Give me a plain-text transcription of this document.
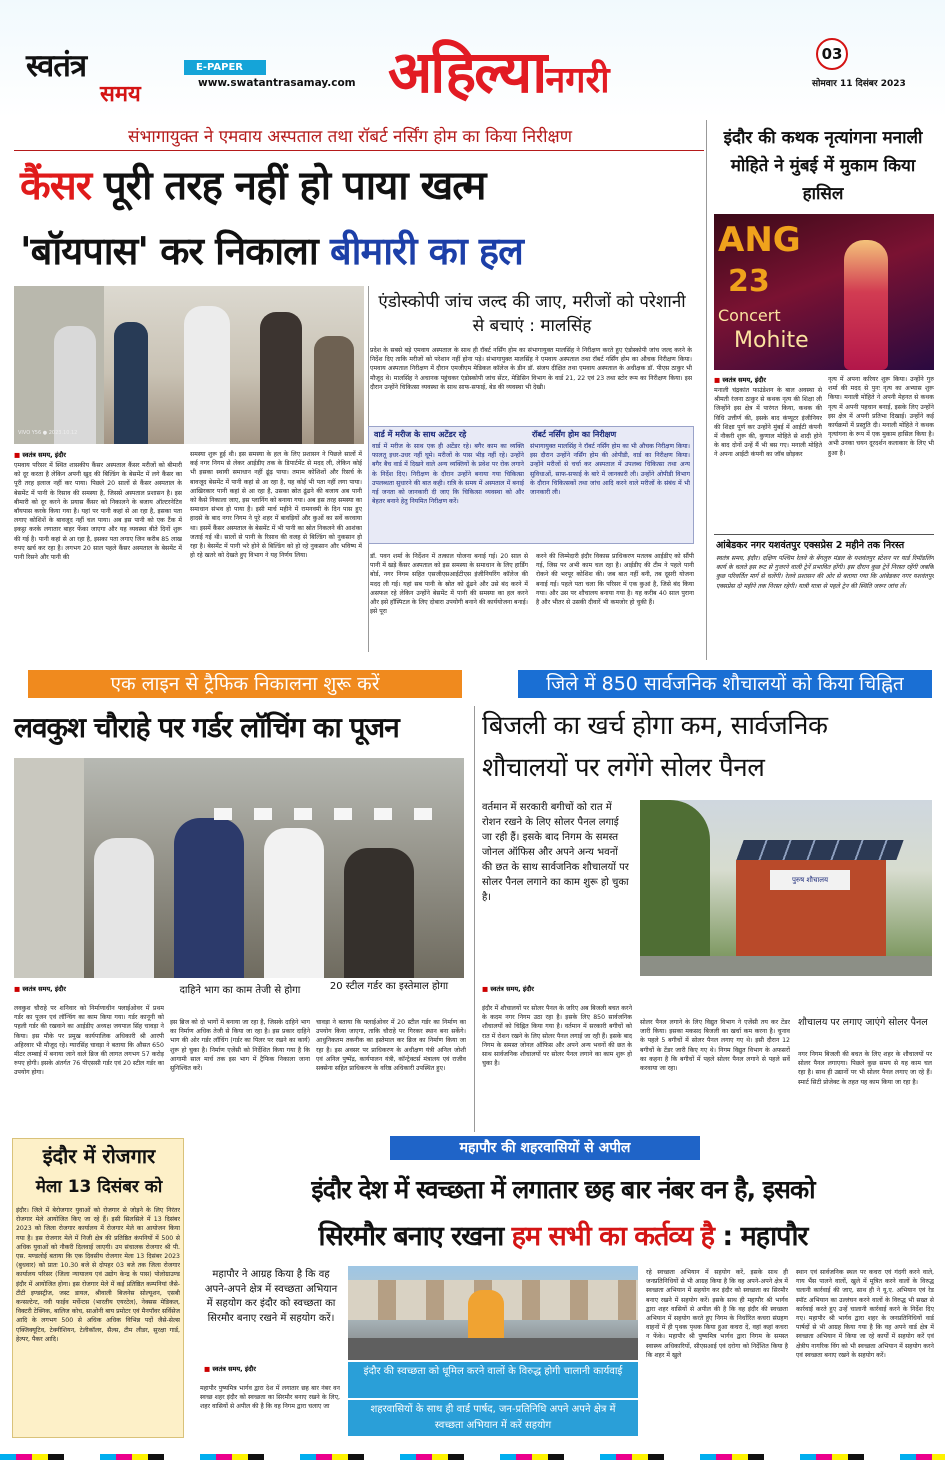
स्वतंत्र
समय
E-PAPER
www.swatantrasamay.com अहिल्यानगरी
03
सोमवार 11 दिसंबर 2023
संभागायुक्त ने एमवाय अस्पताल तथा रॉबर्ट नर्सिंग होम का किया निरीक्षण
कैंसर पूरी तरह नहीं हो पाया खत्म
'बॉयपास' कर निकाला बीमारी का हल
VIVO Y56 ● 2023.10.12
■ स्वतंत्र समय, इंदौर
एमवाय परिसर में स्थित शासकीय कैंसर अस्पताल कैंसर मरीजों को बीमारी को दूर करता है लेकिन अपनी खुद की बिल्डिंग के बेसमेंट में लगे कैंसर का पूरी तरह इलाज नहीं कर पाया। पिछले 20 सालों से कैंसर अस्पताल के बेसमेंट में पानी के रिसाव की समस्या है, जिससे अस्पताल प्रशासन है। इस बीमारी को दूर करने के प्रयास कैंसर को निकालने के बजाय ऑल्टरनेटिव बॉयपास करके किया गया है। यहां पर पानी कहां से आ रहा है, इसका पता लगाए कोशिशें के बावजूद नहीं चल पाया। अब इस पानी को एक टैंक में इकट्ठा करके लगातार बाहर फेंका जाएगा और यह व्यवस्था बीते दिनों शुरू की गई है। पानी कहां से आ रहा है, इसका पता लगाए जिन करीब 85 लाख रुपए खर्च कर रहा है। लगभग 20 साल पहले कैंसर अस्पताल के बेसमेंट में पानी रिसने और पानी की
समस्या शुरू हुई थी। इस समस्या के हल के लिए प्रशासन ने पिछले सालों में कई नगर निगम से लेकर आईडीए तक के डिपार्टमेंट से मदद ली, लेकिन कोई भी इसका स्थायी समाधान नहीं ढूंढ़ पाया। तमाम कोशिशों और रिसर्च के बावजूद बेसमेंट में पानी कहां से आ रहा है, यह कोई भी पता नहीं लगा पाया। आखिरकार पानी कहां से आ रहा है, उसका स्रोत ढूंढने की बजाय अब पानी को कैसे निकाला जाए, इस प्लानिंग को बनाया गया। अब इस तरह समस्या का समाधान संभव हो पाया है। इसी मार्च महीने में रामनवमी के दिन पास हुए हादसे के बाद नगर निगम ने पूरे शहर में बावड़ियों और कुओं का सर्वे करवाया था। इसमें कैंसर अस्पताल के बेसमेंट में भी पानी का स्रोत निकलने की आशंका जताई गई थी। सालों से पानी के रिसाव की वजह से बिल्डिंग को नुकसान हो रहा है। बेसमेंट में पानी भरे होने से बिल्डिंग को हो रहे नुकसान और भविष्य में हो रहे खतरे को देखते हुए विभाग ने यह निर्णय लिया।
एंडोस्कोपी जांच जल्द की जाए, मरीजों को परेशानी से बचाएं : मालसिंह
प्रदेश के सबसे बड़े एमवाय अस्पताल के साथ ही रॉबर्ट नर्सिंग होम का संभागायुक्त मालसिंह ने निरीक्षण करते हुए एंडोस्कोपी जांच जल्द करने के निर्देश दिए ताकि मरीजों को परेशान नहीं होना पड़े। संभागायुक्त मालसिंह ने एमवाय अस्पताल तथा रॉबर्ट नर्सिंग होम का औचक निरीक्षण किया। एमवाय अस्पताल निरीक्षण में दौरान एमजीएम मेडिकल कॉलेज के डीन डॉ. संजय दीक्षित तथा एमवाय अस्पताल के अधीक्षक डॉ. पीएस ठाकुर भी मौजूद थे। मालसिंह ने अचानक पहुंचकर एंडोस्कोपी जांच सेंटर, मेडिसिन विभाग के वार्ड 21, 22 एवं 23 तथा स्टोर रूम का निरीक्षण किया। इस दौरान उन्होंने चिकित्सा व्यवस्था के साथ साफ-सफाई, बेड की व्यवस्था भी देखी।
वार्ड में मरीज के साथ अटेंडर रहे
वार्ड में मरीज के साथ एक ही अटेंडर रहे। बगैर काम का व्यक्ति फालतू इधर-उधर नहीं घूमे। मरीजों के पास भीड़ नहीं रहे। उन्होंने बगैर बैच वार्ड में दिखने वाले अन्य व्यक्तियों के प्रवेश पर रोक लगाने के निर्देश दिए। निरीक्षण के दौरान उन्होंने बनाया गया चिकित्सा उपलब्धता सुधारने की बात कही। रात्रि के समय में अस्पताल में बनाई गई जनता को जानकारी दी जाए कि चिकित्सा व्यवस्था को और बेहतर बनाने हेतु नियमित निरीक्षण करें।
रॉबर्ट नर्सिंग होम का निरीक्षण
संभागायुक्त मालसिंह ने रॉबर्ट नर्सिंग होम का भी औचक निरीक्षण किया। इस दौरान उन्होंने नर्सिंग होम की ओपीडी, वार्ड का निरीक्षण किया। उन्होंने मरीजों से चर्चा कर अस्पताल में उपलब्ध चिकित्सा तथा अन्य सुविधाओं, साफ-सफाई के बारे में जानकारी ली। उन्होंने ओपीडी विभाग के दौरान चिकित्सकों तथा जांच आदि करने वाले मरीजों के संबंध में भी जानकारी ली।
डॉ. पवन शर्मा के निर्देशन में तत्काल योजना बनाई गई। 20 साल से पानी में खड़े कैंसर अस्पताल को इस समस्या के समाधान के लिए हार्डिंग बोर्ड, नगर निगम सहित एसजीएसआईटीएस इंजीनियरिंग कॉलेज की मदद ली गई। यहां सब पानी के स्रोत को ढूंढने और उसे बंद करने में असफल रहे लेकिन उन्होंने बेसमेंट में पानी की समस्या का हल करने और इसे हॉस्पिटल के लिए दोबारा उपयोगी बनाने की कार्ययोजना बनाई। इसे पूरा
करने की जिम्मेदारी इंदौर विकास प्राधिकरण मतलब आईडीए को सौंपी गई, जिस पर अभी काम चल रहा है। आईडीए की टीम ने पहले पानी रोकने की भरपूर कोशिश की। जब बात नहीं बनी, तब दूसरी योजना बनाई गई। पहले पता चला कि परिसर में एक कुआं है, जिसे बंद किया गया। और उस पर शौचालय बनाया गया है। यह करीब 40 साल पुराना है और भीतर से उसकी दीवारें भी कमजोर हो चुकी हैं।
इंदौर की कथक नृत्यांगना मनाली मोहिते ने मुंबई में मुकाम किया हासिल
ANG
23
Concert
Mohite
■ स्वतंत्र समय, इंदौर
मनाली चंद्रकांत फाउंडेशन के बाल अवस्था से श्रीमती रंजना ठाकुर से कथक नृत्य की शिक्षा ली जिन्होंने इस क्षेत्र में पारंगत किया, कथक की विधि उत्तीर्ण की, इसके बाद कंप्यूटर इंजीनियर की शिक्षा पूर्ण कर उन्होंने मुंबई में आईटी कंपनी में नौकरी शुरू की, कुणाल मोहिते से शादी होने के बाद दोनों उन्हें मैं भी बस गए। मनाली मोहिते ने अपना आईटी कंपनी का जॉब छोड़कर
नृत्य में अपना करियर शुरू किया। उन्होंने गुरु शर्मा की मदद से पुनः नृत्य का अभ्यास शुरू किया। मनाली मोहिते ने अपनी मेहनत से कथक नृत्य में अपनी पहचान बनाई, इसके लिए उन्होंने इस क्षेत्र में अपनी प्रतिभा दिखाई। उन्होंने कई कार्यक्रमों में प्रस्तुति दी। मनाली मोहिते ने कथक नृत्यांगना के रूप में एक मुकाम हासिल किया है। अभी उनका चयन दूरदर्शन कलाकार के लिए भी हुआ है।
आंबेडकर नगर यशवंतपुर एक्सप्रेस 2 महीने तक निरस्त
स्वतंत्र समय, इंदौर। दक्षिण पश्चिम रेलवे के बेंगलुरु मंडल के यशवंतपुर स्टेशन पर यार्ड रिमॉडलिंग कार्य के चलते इस रूट से गुजरने वाली ट्रेनें प्रभावित होंगी। इस दौरान कुछ ट्रेनें निरस्त रहेंगी जबकि कुछ परिवर्तित मार्ग से चलेंगी। रेलवे प्रशासन की ओर से बताया गया कि आंबेडकर नगर यशवंतपुर एक्सप्रेस दो महीने तक निरस्त रहेगी। यात्री यात्रा से पहले ट्रेन की स्थिति जरूर जांच लें।
एक लाइन से ट्रैफिक निकालना शुरू करें	जिले में 850 सार्वजनिक शौचालयों को किया चिह्नित
लवकुश चौराहे पर गर्डर लॉचिंग का पूजन
■ स्वतंत्र समय, इंदौर
लवकुश चौराहे पर शनिवार को निर्माणाधीन फ्लाईओवर में प्रथम गर्डर का पूजन एवं लॉन्चिंग का काम किया गया। गर्डर कानूनी को पहली गर्डर की रखवाने का आईडीए अध्यक्ष जयपाल सिंह चावड़ा ने किया। इस मौके पर प्रमुख कार्यपालिक अधिकारी श्री आरपी अहिरवार भी मौजूद रहे। ग्यारसिंह चावड़ा ने बताया कि औसत 650 मीटर लम्बाई में बनाया जाने वाले ब्रिज की लागत लगभग 57 करोड़ रुपए होगी। इसके अंतर्गत 76 पीएससी गर्डर एवं 20 स्टील गर्डर का उपयोग होगा।
दाहिने भाग का काम तेजी से होगा
इस ब्रिज को दो भागों में बनाया जा रहा है, जिसके दाहिने भाग का निर्माण अधिक तेजी से किया जा रहा है। इस प्रकार दाहिने भाग की ओर गर्डर लॉचिंग (गर्डर का पिलर पर रखने का कार्य) शुरू हो चुका है। निर्माण एजेंसी को निर्देशित किया गया है कि आगामी साल मार्च तक इस भाग में ट्रैफिक निकाला जाना सुनिश्चित करें।
20 स्टील गर्डर का इस्तेमाल होगा
चावड़ा ने बताया कि फ्लाईओवर में 20 स्टील गर्डर का निर्माण का उपयोग किया जाएगा, ताकि चौराहे पर गिरकर स्थान बना सकेंगे। आधुनिकतम तकनीक का इस्तेमाल कर ब्रिज का निर्माण किया जा रहा है। इस अवसर पर प्राधिकरण के अधीक्षण यंत्री अनिल जोशी एवं अनिल पुष्पेंद्र, कार्यपालन यंत्री, कॉन्ट्रेक्टर्स मंत्रालय एवं राजीव सक्सेना सहित प्राधिकरण के वरिष्ठ अधिकारी उपस्थित हुए।
बिजली का खर्च होगा कम, सार्वजनिक
शौचालयों पर लगेंगे सोलर पैनल
वर्तमान में सरकारी बगीचों को रात में रोशन रखने के लिए सोलर पैनल लगाई जा रही हैं। इसके बाद निगम के समस्त जोनल ऑफिस और अपने अन्य भवनों की छत के साथ सार्वजनिक शौचालयों पर सोलर पैनल लगाने का काम शुरू हो चुका है।
पुरुष शौचालय
■ स्वतंत्र समय, इंदौर
इंदौर में शौचालयों पर सोलर पैनल के जरिए अब बिजली बचत करने के कदम नगर निगम उठा रहा है। इसके लिए 850 सार्वजनिक शौचालयों को चिह्नित किया गया है। वर्तमान में सरकारी बगीचों को रात में रोशन रखने के लिए सोलर पैनल लगाई जा रही हैं। इसके बाद निगम के समस्त जोनल ऑफिस और अपने अन्य भवनों की छत के साथ सार्वजनिक शौचालयों पर सोलर पैनल लगाने का काम शुरू हो चुका है।
सोलर पैनल लगाने के लिए विद्युत विभाग ने एजेंसी तय कर टेंडर जारी किया। इसका मकसद बिजली का खर्चा कम करना है। चुनाव के पहले 5 बगीचों में सोलर पैनल लगाए गए थे। इसी दौरान 12 बगीचों के टेंडर जारी किए गए थे। निगम विद्युत विभाग के अफसरों का कहना है कि बगीचों में पहले सोलर पैनल लगाने से पहले सर्वे करवाया जा रहा।
शौचालय पर लगाए जाएंगे सोलर पैनल
नगर निगम बिजली की बचत के लिए शहर के शौचालयों पर सोलर पैनल लगाएगा। पिछले कुछ समय से यह काम चल रहा है। साथ ही उद्यानों पर भी सोलर पैनल लगाए जा रहे हैं। स्मार्ट सिटी प्रोजेक्ट के तहत यह काम किया जा रहा है।
इंदौर में रोजगार
मेला 13 दिसंबर को
इंदौर। जिले में बेरोजगार युवाओं को रोजगार से जोड़ने के लिए निरंतर रोजगार मेले आयोजित किए जा रहे हैं। इसी सिलसिले में 13 दिसंबर 2023 को जिला रोजगार कार्यालय में रोजगार मेले का आयोजन किया गया है। इस रोजगार मेले में निजी क्षेत्र की प्रतिष्ठित कंपनियों में 500 से अधिक युवाओं को नौकरी दिलवाई जाएगी। उप संचालक रोजगार श्री पी. एस. मण्डलोई बताया कि एक दिवसीय रोजगार मेला 13 दिसंबर 2023 (बुधवार) को प्रातः 10.30 बजे से दोपहर 03 बजे तक जिला रोजगार कार्यालय परिसर (जिला न्यायालय एवं उद्योग केन्द्र के पास) पोलोग्राउण्ड इंदौर में आयोजित होगा। इस रोजगार मेले में कई प्रतिष्ठित कम्पनियां जैसे- टीटी इण्डस्ट्रीज, जस्ट डायल, श्रीवाली बिजनेस सोल्यूशन, एसबी कन्सल्टेन्ट, नवी फाईव मर्चेन्टस (भारतीय एयरटेल), नेक्सस मेडिकल, विक्टरी टेक्निक, बालिज कोच, साओनी बाय प्रमोटर एवं मैनपॉवर सर्विसेज आदि के लगभग 500 से अधिक अधिक विभिन्न पदों जैसे-सेल्स एक्जिक्यूटिव, टेक्नीशियन, टेलीकॉलर, सैल्स, टीम लीडर, सुरक्षा गार्ड, हेल्पर, पैकर आदि।
महापौर की शहरवासियों से अपील
इंदौर देश में स्वच्छता में लगातार छह बार नंबर वन है, इसको
सिरमौर बनाए रखना हम सभी का कर्तव्य है : महापौर
महापौर ने आग्रह किया है कि वह अपने-अपने क्षेत्र में स्वच्छता अभियान में सहयोग कर इंदौर को स्वच्छता का सिरमौर बनाए रखने में सहयोग करें।
■ स्वतंत्र समय, इंदौर
महापौर पुष्यमित्र भार्गव द्वारा देश में लगातार छह बार नंबर वन स्वच्छ शहर इंदौर को स्वच्छता का सिरमौर बनाए रखने के लिए, शहर वासियों से अपील की है कि वह निगम द्वारा चलाए जा
इंदौर की स्वच्छता को धूमिल करने वालों के विरुद्ध होगी चालानी कार्यवाई
शहरवासियों के साथ ही वार्ड पार्षद, जन-प्रतिनिधि अपने अपने क्षेत्र में स्वच्छता अभियान में करें सहयोग
रहे स्वच्छता अभियान में सहयोग करें, इसके साथ ही जनप्रतिनिधियों से भी आग्रह किया है कि वह अपने-अपने क्षेत्र में स्वच्छता अभियान में सहयोग कर इंदौर को स्वच्छता का सिरमौर बनाए रखने में सहयोग करें। इसके साथ ही महापौर श्री भार्गव द्वारा शहर वासियों से अपील की है कि वह इंदौर की स्वच्छता अभियान में सहयोग करते हुए निगम के निर्धारित कचरा संग्रहण वाहनों में ही पृथक पृथक किया हुआ कचरा दें, वहां कहां कचरा न फेंके। महापौर श्री पुष्यमित्र भार्गव द्वारा निगम के समस्त स्वास्थ्य अधिकारियों, सीएसआई एवं दरोगा को निर्देशित किया है कि शहर में खुले
स्थान एवं सार्वजनिक स्थल पर कचरा एवं गंदगी करने वाले, गाय भैंस पालने वालों, खुले में मूत्रित करने वालों के विरुद्ध चलानी कार्रवाई की जाए, साथ ही ने यू.ए. अभियान एवं रेड स्पॉट अभियान का उल्लंघन करने वालों के विरुद्ध भी सख्त से कार्रवाई करते हुए उन्हें चालानी कार्रवाई करने के निर्देश दिए गए। महापौर श्री भार्गव द्वारा शहर के जनप्रतिनिधियों वार्ड पार्षदों से भी आग्रह किया गया है कि वह अपने वार्ड क्षेत्र में स्वच्छता अभियान में किया जा रहे कार्यों में सहयोग करें एवं क्षेत्रीय नागरिक विंग को भी स्वच्छता अभियान में सहयोग करने एवं स्वच्छता बनाए रखने के सहयोग करें।
